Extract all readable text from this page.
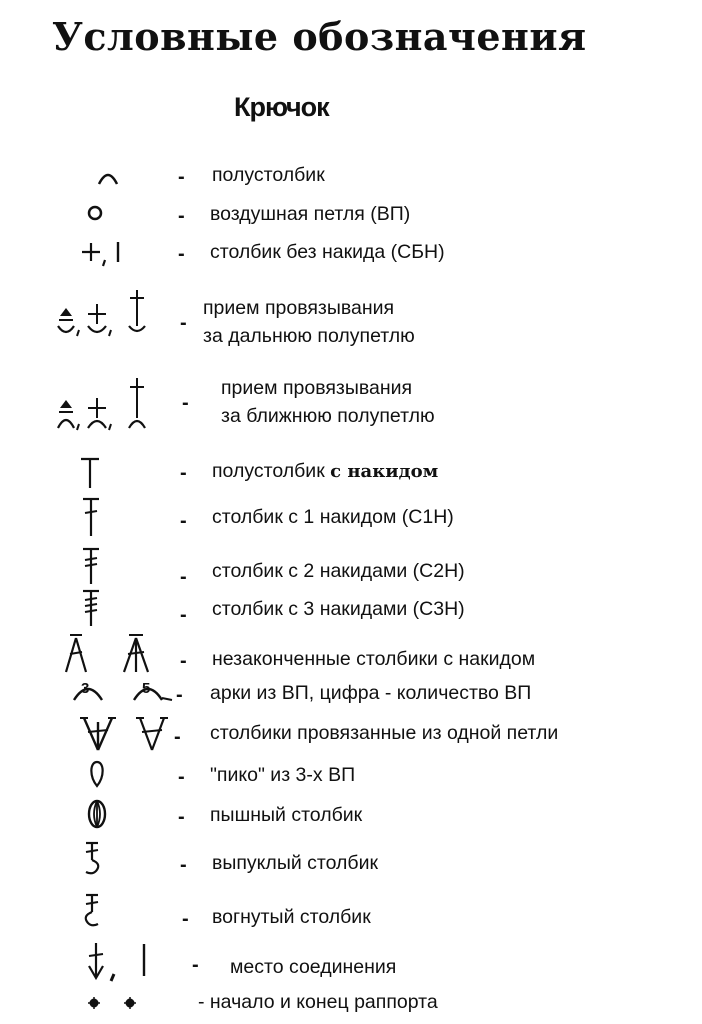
Условные обозначения
Крючок
- полустолбик
- воздушная петля (ВП)
- столбик без накида (СБН)
-
прием провязывания
за дальнюю полупетлю
-
прием провязывания
за ближнюю полупетлю
- полустолбик с накидом
- столбик с 1 накидом (С1Н)
- столбик с 2 накидами (С2Н)
- столбик с 3 накидами (С3Н)
- незаконченные столбики с накидом
3	5 - арки из ВП, цифра - количество ВП
- столбики провязанные из одной петли
- "пико" из 3-х ВП
- пышный столбик
- выпуклый столбик
- вогнутый столбик
- место соединения
- начало и конец раппорта
